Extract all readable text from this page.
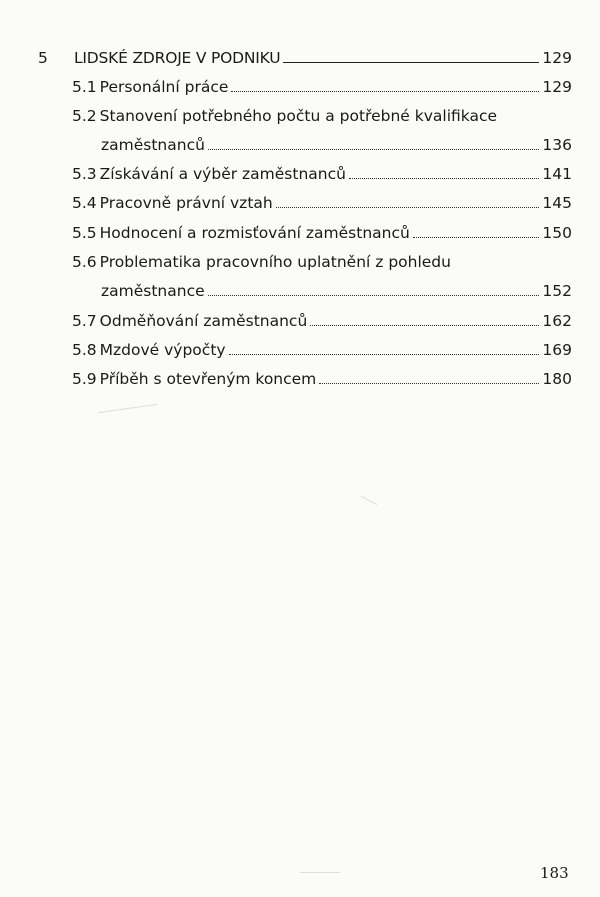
5	LIDSKÉ ZDROJE V PODNIKU	129
5.1 Personální práce	129
5.2 Stanovení potřebného počtu a potřebné kvalifikace
zaměstnanců	136
5.3 Získávání a výběr zaměstnanců	141
5.4 Pracovně právní vztah	145
5.5 Hodnocení a rozmisťování zaměstnanců	150
5.6 Problematika pracovního uplatnění z pohledu
zaměstnance	152
5.7 Odměňování zaměstnanců	162
5.8 Mzdové výpočty	169
5.9 Příběh s otevřeným koncem	180
183
